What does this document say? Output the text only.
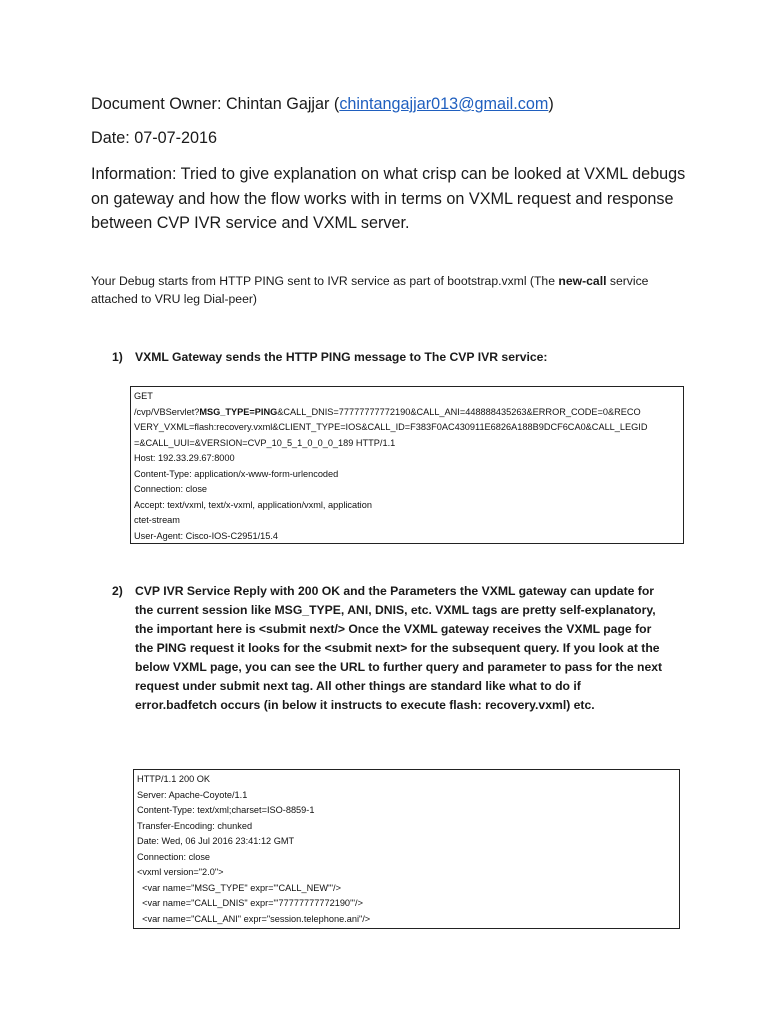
Document Owner: Chintan Gajjar (chintangajjar013@gmail.com)
Date: 07-07-2016
Information: Tried to give explanation on what crisp can be looked at VXML debugs on gateway and how the flow works with in terms on VXML request and response between CVP IVR service and VXML server.
Your Debug starts from HTTP PING sent to IVR service as part of bootstrap.vxml (The new-call service attached to VRU leg Dial-peer)
1) VXML Gateway sends the HTTP PING message to The CVP IVR service:
GET
/cvp/VBServlet?MSG_TYPE=PING&CALL_DNIS=77777777772190&CALL_ANI=448888435263&ERROR_CODE=0&RECO
VERY_VXML=flash:recovery.vxml&CLIENT_TYPE=IOS&CALL_ID=F383F0AC430911E6826A188B9DCF6CA0&CALL_LEGID
=&CALL_UUI=&VERSION=CVP_10_5_1_0_0_0_189 HTTP/1.1
Host: 192.33.29.67:8000
Content-Type: application/x-www-form-urlencoded
Connection: close
Accept: text/vxml, text/x-vxml, application/vxml, application
ctet-stream
User-Agent: Cisco-IOS-C2951/15.4
2) CVP IVR Service Reply with 200 OK and the Parameters the VXML gateway can update for the current session like MSG_TYPE, ANI, DNIS, etc. VXML tags are pretty self-explanatory, the important here is <submit next/> Once the VXML gateway receives the VXML page for the PING request it looks for the <submit next> for the subsequent query. If you look at the below VXML page, you can see the URL to further query and parameter to pass for the next request under submit next tag. All other things are standard like what to do if error.badfetch occurs (in below it instructs to execute flash: recovery.vxml) etc.
HTTP/1.1 200 OK
Server: Apache-Coyote/1.1
Content-Type: text/xml;charset=ISO-8859-1
Transfer-Encoding: chunked
Date: Wed, 06 Jul 2016 23:41:12 GMT
Connection: close
<vxml version="2.0">
<var name="MSG_TYPE" expr="'CALL_NEW'"/>
<var name="CALL_DNIS" expr="'77777777772190'"/>
<var name="CALL_ANI" expr="session.telephone.ani"/>
